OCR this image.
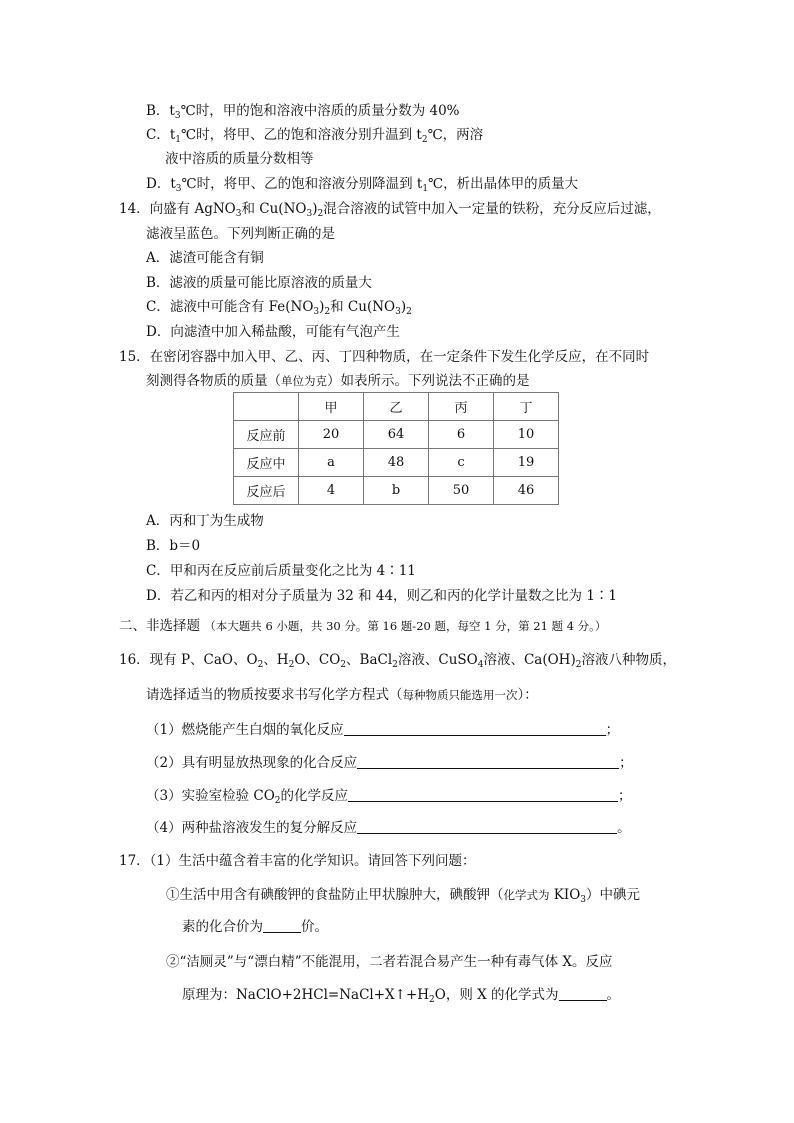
B．$t_3℃$时，甲的饱和溶液中溶质的质量分数为 40%
C．$t_1℃$时，将甲、乙的饱和溶液分别升温到 $t_2℃$，两溶
液中溶质的质量分数相等
D．$t_3℃$时，将甲、乙的饱和溶液分别降温到 $t_1℃$，析出晶体甲的质量大
14．向盛有 AgNO$_3$和 $Cu(NO_3)_2$混合溶液的试管中加入一定量的铁粉，充分反应后过滤，
滤液呈蓝色。下列判断正确的是
A．滤渣可能含有铜
B．滤液的质量可能比原溶液的质量大
C．滤液中可能含有 $Fe(NO_3)_2$和 $Cu(NO_3)_2$
D．向滤渣中加入稀盐酸，可能有气泡产生
15．在密闭容器中加入甲、乙、丙、丁四种物质，在一定条件下发生化学反应，在不同时
刻测得各物质的质量（单位为克）如表所示。下列说法不正确的是
	甲	乙	丙	丁
反应前	20	64	6	10
反应中	a	48	c	19
反应后	4	b	50	46
A．丙和丁为生成物
B．b＝0
C．甲和丙在反应前后质量变化之比为 4∶11
D．若乙和丙的相对分子质量为 32 和 44，则乙和丙的化学计量数之比为 1∶1
二、非选择题 （本大题共 6 小题，共 30 分。第 16 题-20 题，每空 1 分，第 21 题 4 分。）
16．现有 P、CaO、$O_2$、$H_2O$、$CO_2$、BaCl$_2$溶液、CuSO$_4$溶液、$Ca(OH)_2$溶液八种物质，
请选择适当的物质按要求书写化学方程式（每种物质只能选用一次）：
（1）燃烧能产生白烟的氧化反应	；
（2）具有明显放热现象的化合反应	；
（3）实验室检验 $CO_2$的化学反应	；
（4）两种盐溶液发生的复分解反应	。
17．（1）生活中蕴含着丰富的化学知识。请回答下列问题：
①生活中用含有碘酸钾的食盐防止甲状腺肿大，碘酸钾（化学式为 $KIO_3$）中碘元
素的化合价为	价。
②“洁厕灵”与“漂白精”不能混用，二者若混合易产生一种有毒气体 X。反应
原理为：$NaClO+2HCl=NaCl+X↑+H_2O$，则 X 的化学式为	。
